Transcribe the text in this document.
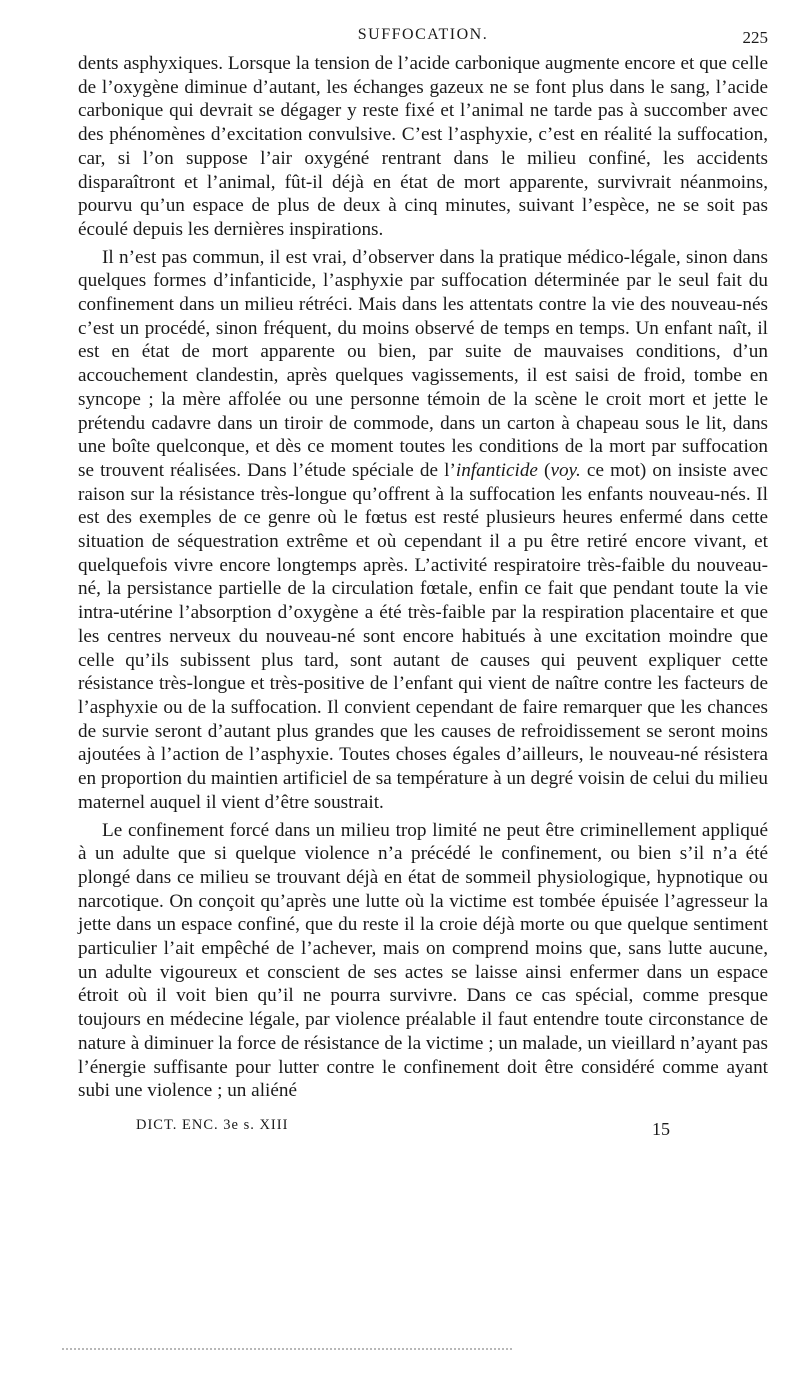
SUFFOCATION.	225

dents asphyxiques. Lorsque la tension de l’acide carbonique augmente encore et que celle de l’oxygène diminue d’autant, les échanges gazeux ne se font plus dans le sang, l’acide carbonique qui devrait se dégager y reste fixé et l’animal ne tarde pas à succomber avec des phénomènes d’excitation convulsive. C’est l’asphyxie, c’est en réalité la suffocation, car, si l’on suppose l’air oxygéné rentrant dans le milieu confiné, les accidents disparaîtront et l’animal, fût-il déjà en état de mort apparente, survivrait néanmoins, pourvu qu’un espace de plus de deux à cinq minutes, suivant l’espèce, ne se soit pas écoulé depuis les dernières inspirations.

Il n’est pas commun, il est vrai, d’observer dans la pratique médico-légale, sinon dans quelques formes d’infanticide, l’asphyxie par suffocation déterminée par le seul fait du confinement dans un milieu rétréci. Mais dans les attentats contre la vie des nouveau-nés c’est un procédé, sinon fréquent, du moins observé de temps en temps. Un enfant naît, il est en état de mort apparente ou bien, par suite de mauvaises conditions, d’un accouchement clandestin, après quelques vagissements, il est saisi de froid, tombe en syncope ; la mère affolée ou une personne témoin de la scène le croit mort et jette le prétendu cadavre dans un tiroir de commode, dans un carton à chapeau sous le lit, dans une boîte quelconque, et dès ce moment toutes les conditions de la mort par suffocation se trouvent réalisées. Dans l’étude spéciale de l’infanticide (voy. ce mot) on insiste avec raison sur la résistance très-longue qu’offrent à la suffocation les enfants nouveau-nés. Il est des exemples de ce genre où le fœtus est resté plusieurs heures enfermé dans cette situation de séquestration extrême et où cependant il a pu être retiré encore vivant, et quelquefois vivre encore longtemps après. L’activité respiratoire très-faible du nouveau-né, la persistance partielle de la circulation fœtale, enfin ce fait que pendant toute la vie intra-utérine l’absorption d’oxygène a été très-faible par la respiration placentaire et que les centres nerveux du nouveau-né sont encore habitués à une excitation moindre que celle qu’ils subissent plus tard, sont autant de causes qui peuvent expliquer cette résistance très-longue et très-positive de l’enfant qui vient de naître contre les facteurs de l’asphyxie ou de la suffocation. Il convient cependant de faire remarquer que les chances de survie seront d’autant plus grandes que les causes de refroidissement se seront moins ajoutées à l’action de l’asphyxie. Toutes choses égales d’ailleurs, le nouveau-né résistera en proportion du maintien artificiel de sa température à un degré voisin de celui du milieu maternel auquel il vient d’être soustrait.

Le confinement forcé dans un milieu trop limité ne peut être criminellement appliqué à un adulte que si quelque violence n’a précédé le confinement, ou bien s’il n’a été plongé dans ce milieu se trouvant déjà en état de sommeil physiologique, hypnotique ou narcotique. On conçoit qu’après une lutte où la victime est tombée épuisée l’agresseur la jette dans un espace confiné, que du reste il la croie déjà morte ou que quelque sentiment particulier l’ait empêché de l’achever, mais on comprend moins que, sans lutte aucune, un adulte vigoureux et conscient de ses actes se laisse ainsi enfermer dans un espace étroit où il voit bien qu’il ne pourra survivre. Dans ce cas spécial, comme presque toujours en médecine légale, par violence préalable il faut entendre toute circonstance de nature à diminuer la force de résistance de la victime ; un malade, un vieillard n’ayant pas l’énergie suffisante pour lutter contre le confinement doit être considéré comme ayant subi une violence ; un aliéné

DICT. ENC. 3e s. XIII	15
